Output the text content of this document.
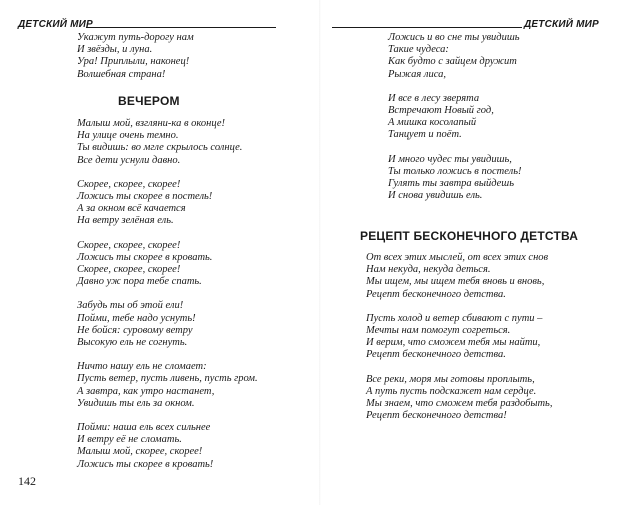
ДЕТСКИЙ МИР
Укажут путь-дорогу нам
И звёзды, и луна.
Ура! Приплыли, наконец!
Волшебная страна!
ВЕЧЕРОМ
Малыш мой, взгляни-ка в оконце!
На улице очень темно.
Ты видишь: во мгле скрылось солнце.
Все дети уснули давно.
Скорее, скорее, скорее!
Ложись ты скорее в постель!
А за окном всё качается
На ветру зелёная ель.
Скорее, скорее, скорее!
Ложись ты скорее в кровать.
Скорее, скорее, скорее!
Давно уж пора тебе спать.
Забудь ты об этой ели!
Пойми, тебе надо уснуть!
Не бойся: суровому ветру
Высокую ель не согнуть.
Ничто нашу ель не сломает:
Пусть ветер, пусть ливень, пусть гром.
А завтра, как утро настанет,
Увидишь ты ель за окном.
Пойми: наша ель всех сильнее
И ветру её не сломать.
Малыш мой, скорее, скорее!
Ложись ты скорее в кровать!
142
ДЕТСКИЙ МИР
Ложись и во сне ты увидишь
Такие чудеса:
Как будто с зайцем дружит
Рыжая лиса,
И все в лесу зверята
Встречают Новый год,
А мишка косолапый
Танцует и поёт.
И много чудес ты увидишь,
Ты только ложись в постель!
Гулять ты завтра выйдешь
И снова увидишь ель.
РЕЦЕПТ БЕСКОНЕЧНОГО ДЕТСТВА
От всех этих мыслей, от всех этих снов
Нам некуда, некуда деться.
Мы ищем, мы ищем тебя вновь и вновь,
Рецепт бесконечного детства.
Пусть холод и ветер сбивают с пути –
Мечты нам помогут согреться.
И верим, что сможем тебя мы найти,
Рецепт бесконечного детства.
Все реки, моря мы готовы проплыть,
А путь пусть подскажет нам сердце.
Мы знаем, что сможем тебя раздобыть,
Рецепт бесконечного детства!
